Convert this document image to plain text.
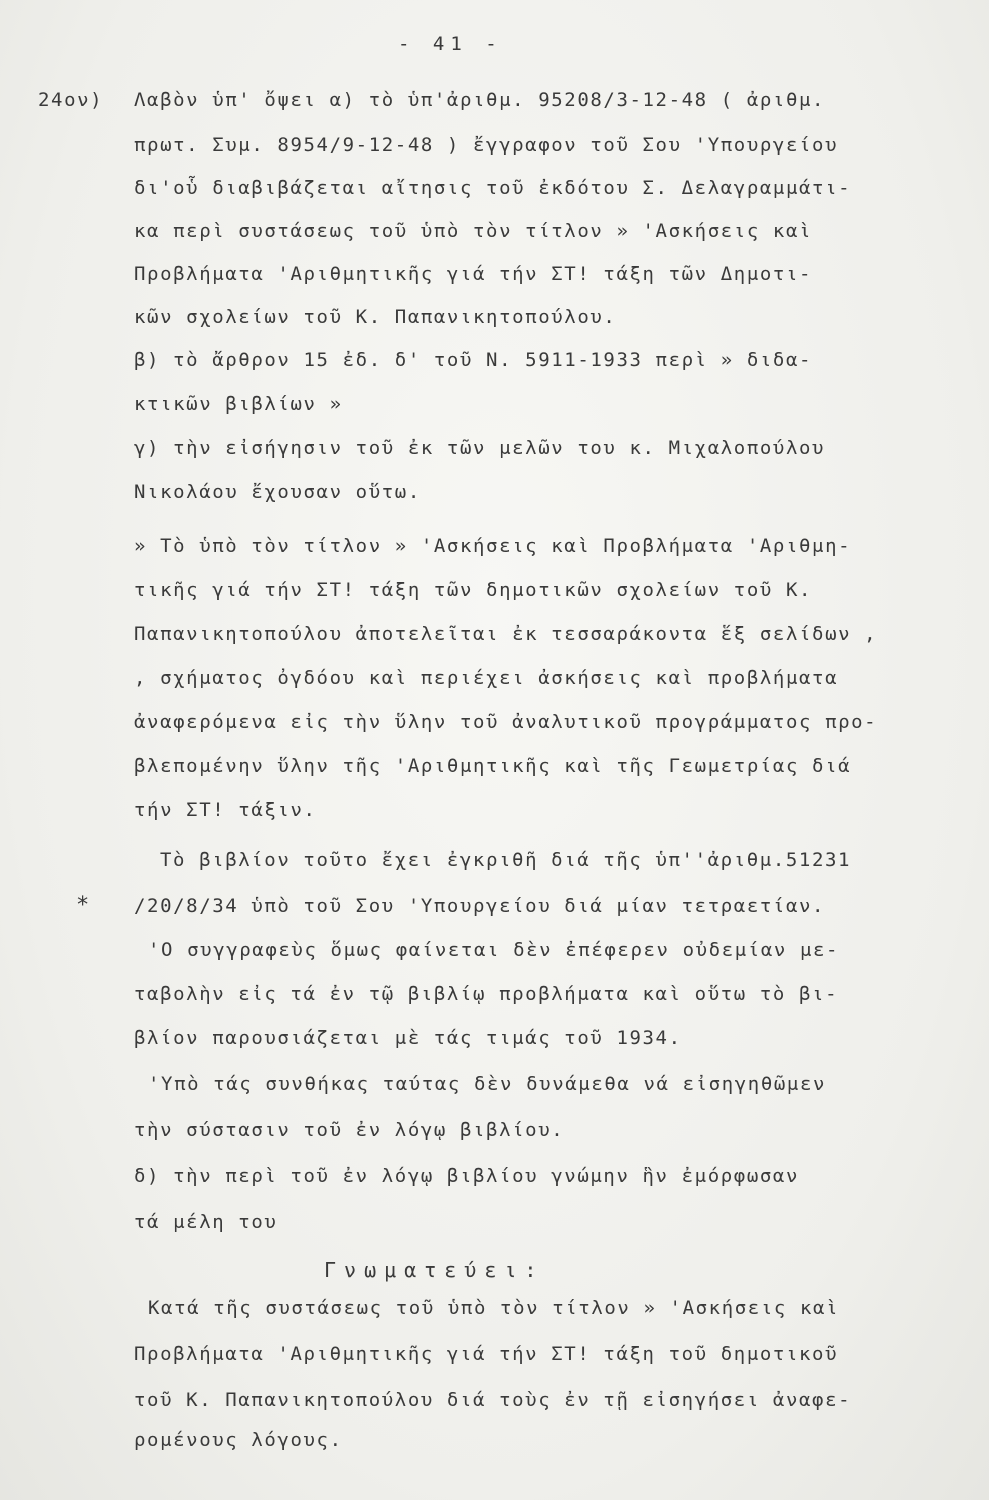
- 41 -
24ον)
*
Λαβὸν ὑπ' ὄψει α) τὸ ὑπ'ἀριθμ. 95208/3-12-48 ( ἀριθμ.
πρωτ. Συμ. 8954/9-12-48 ) ἔγγραφον τοῦ Σου 'Υπουργείου
δι'οὗ διαβιβάζεται αἴτησις τοῦ ἐκδότου Σ. Δελαγραμμάτι-
κα περὶ συστάσεως τοῦ ὑπὸ τὸν τίτλον » 'Ασκήσεις καὶ
Προβλήματα 'Αριθμητικῆς γιά τήν ΣΤ! τάξη τῶν Δημοτι-
κῶν σχολείων τοῦ Κ. Παπανικητοπούλου.
β) τὸ ἄρθρον 15 ἐδ. δ' τοῦ Ν. 5911-1933 περὶ » διδα-
κτικῶν βιβλίων »
γ) τὴν εἰσήγησιν τοῦ ἐκ τῶν μελῶν του κ. Μιχαλοπούλου
Νικολάου ἔχουσαν οὕτω.
» Τὸ ὑπὸ τὸν τίτλον » 'Ασκήσεις καὶ Προβλήματα 'Αριθμη-
τικῆς γιά τήν ΣΤ! τάξη τῶν δημοτικῶν σχολείων τοῦ Κ.
Παπανικητοπούλου ἀποτελεῖται ἐκ τεσσαράκοντα ἕξ σελίδων ,
, σχήματος ὀγδόου καὶ περιέχει ἀσκήσεις καὶ προβλήματα
ἀναφερόμενα εἰς τὴν ὕλην τοῦ ἀναλυτικοῦ προγράμματος προ-
βλεπομένην ὕλην τῆς 'Αριθμητικῆς καὶ τῆς Γεωμετρίας διά
τήν ΣΤ! τάξιν.
Τὸ βιβλίον τοῦτο ἔχει ἐγκριθῆ διά τῆς ὑπ''ἀριθμ.51231
/20/8/34 ὑπὸ τοῦ Σου 'Υπουργείου διά μίαν τετραετίαν.
'Ο συγγραφεὺς ὅμως φαίνεται δὲν ἐπέφερεν οὐδεμίαν με-
ταβολὴν εἰς τά ἐν τῷ βιβλίῳ προβλήματα καὶ οὕτω τὸ βι-
βλίον παρουσιάζεται μὲ τάς τιμάς τοῦ 1934.
'Υπὸ τάς συνθήκας ταύτας δὲν δυνάμεθα νά εἰσηγηθῶμεν
τὴν σύστασιν τοῦ ἐν λόγῳ βιβλίου.
δ) τὴν περὶ τοῦ ἐν λόγῳ βιβλίου γνώμην ἣν ἐμόρφωσαν
τά μέλη του
Γνωματεύει:
Κατά τῆς συστάσεως τοῦ ὑπὸ τὸν τίτλον » 'Ασκήσεις καὶ
Προβλήματα 'Αριθμητικῆς γιά τήν ΣΤ! τάξη τοῦ δημοτικοῦ
τοῦ Κ. Παπανικητοπούλου διά τοὺς ἐν τῇ εἰσηγήσει ἀναφε-
ρομένους λόγους.
